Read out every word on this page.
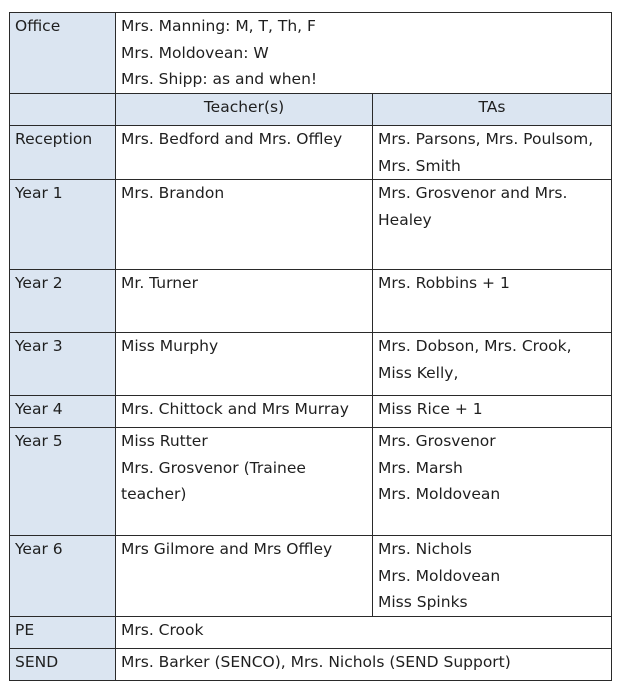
Office	Mrs. Manning: M, T, Th, F
Mrs. Moldovean: W
Mrs. Shipp: as and when!	

	Teacher(s)	TAs
Reception	Mrs. Bedford and Mrs. Offley	Mrs. Parsons, Mrs. Poulsom,
Mrs. Smith

Year 1	Mrs. Brandon	Mrs. Grosvenor and Mrs.
Healey

Year 2	Mr. Turner	Mrs. Robbins + 1

Year 3	Miss Murphy	Mrs. Dobson, Mrs. Crook,
Miss Kelly,

Year 4	Mrs. Chittock and Mrs Murray	Miss Rice + 1

Year 5	Miss Rutter
Mrs. Grosvenor (Trainee
teacher)	Mrs. Grosvenor
Mrs. Marsh
Mrs. Moldovean

Year 6	Mrs Gilmore and Mrs Offley	Mrs. Nichols
Mrs. Moldovean
Miss Spinks

PE	Mrs. Crook	
SEND	Mrs. Barker (SENCO), Mrs. Nichols (SEND Support)	
